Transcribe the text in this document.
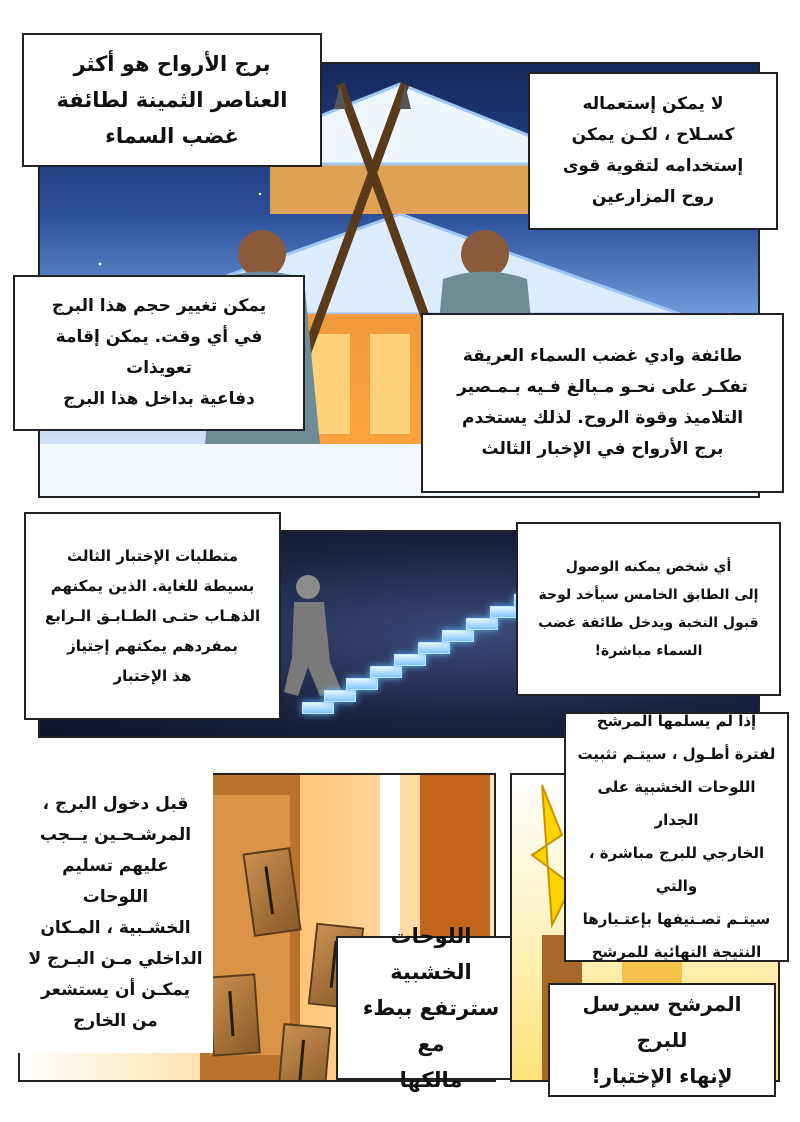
برج الأرواح هو أكثر
العناصر الثمينة لطائفة
غضب السماء
لا يمكن إستعماله
كسـلاح ، لكـن يمكن
إستخدامه لتقوية قوى
روح المزارعين
يمكن تغيير حجم هذا البرج
في أي وقت. يمكن إقامة تعويذات
دفاعية بداخل هذا البرج
طائفة وادي غضب السماء العريقة
تفكـر على نحـو مـبالغ فـيه بـمـصير
التلاميذ وقوة الروح. لذلك يستخدم
برج الأرواح في الإخبار الثالث
متطلبات الإختبار الثالث
بسيطة للغاية. الذين يمكنهم
الذهـاب حتـى الطـابـق الـرابع
بمفردهم يمكنهم إجتياز
هذ الإختبار
أي شخص يمكنه الوصول
إلى الطابق الخامس سيأخد لوحة
قبول النخبة ويدخل طائفة غضب
السماء مباشرة!
قبل دخول البرج ،
المرشـحـين يــجب
عليهم تسليم اللوحات
الخشـبية ، المـكان
الداخلي مـن البـرج لا
يمكـن أن يستشعر
من الخارج
اللوحات الخشبية
سترتفع ببطء مع
مالكها
إذا لم يسلمها المرشح
لفترة أطـول ، سيتـم تثبيت
اللوحات الخشبية على الجدار
الخارجي للبرج مباشرة ، والتي
سيتـم تصـنيفها بإعتـبارها
النتيجة النهائية للمرشح
المرشح سيرسل للبرج
لإنهاء الإختبار!
